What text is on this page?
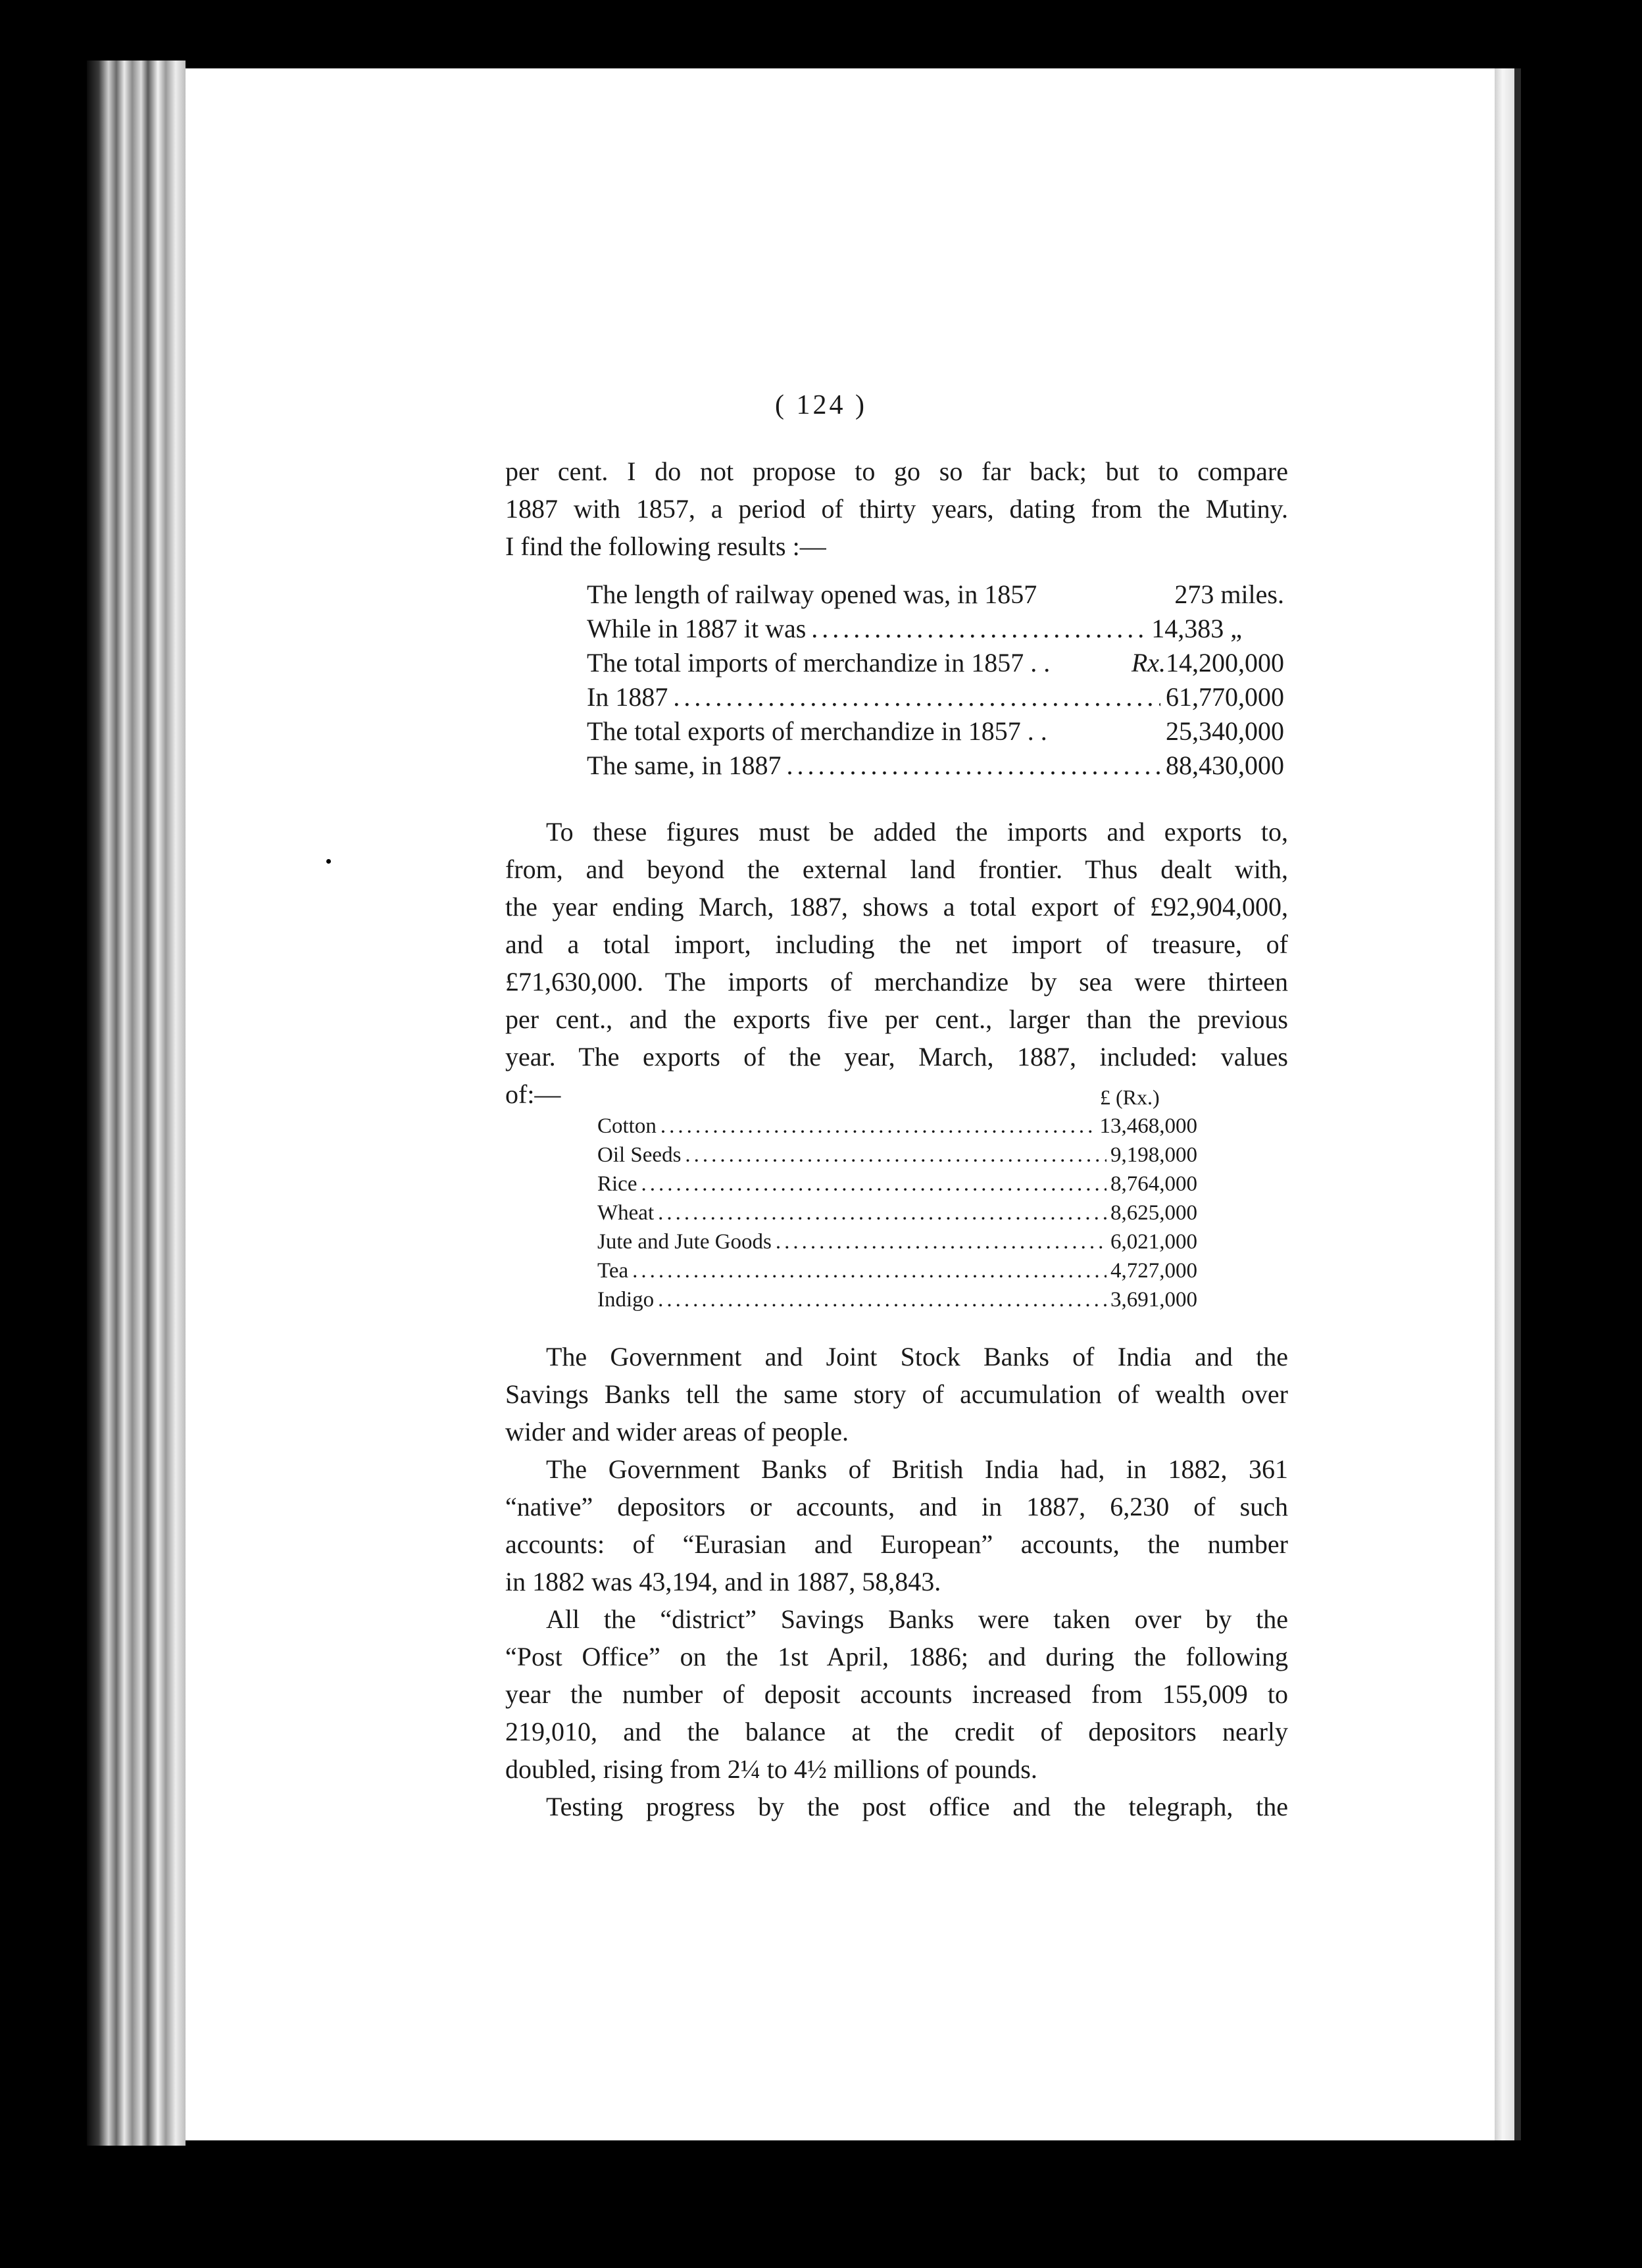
( 124 )
per cent. I do not propose to go so far back; but to compare
1887 with 1857, a period of thirty years, dating from the Mutiny.
I find the following results :—
The length of railway opened was, in 1857	273 miles.
While in 1887 it was .....	14,383 „
The total imports of merchandize in 1857 . .	Rx.14,200,000
In 1887 .....	61,770,000
The total exports of merchandize in 1857 . .	25,340,000
The same, in 1887 .....	88,430,000
To these figures must be added the imports and exports to,
from, and beyond the external land frontier. Thus dealt with,
the year ending March, 1887, shows a total export of £92,904,000,
and a total import, including the net import of treasure, of
£71,630,000. The imports of merchandize by sea were thirteen
per cent., and the exports five per cent., larger than the previous
year. The exports of the year, March, 1887, included: values
of:—	£ (Rx.)
Cotton .....	13,468,000
Oil Seeds .....	9,198,000
Rice .....	8,764,000
Wheat .....	8,625,000
Jute and Jute Goods .....	6,021,000
Tea .....	4,727,000
Indigo .....	3,691,000
The Government and Joint Stock Banks of India and the
Savings Banks tell the same story of accumulation of wealth over
wider and wider areas of people.
The Government Banks of British India had, in 1882, 361
“native” depositors or accounts, and in 1887, 6,230 of such
accounts: of “Eurasian and European” accounts, the number
in 1882 was 43,194, and in 1887, 58,843.
All the “district” Savings Banks were taken over by the
“Post Office” on the 1st April, 1886; and during the following
year the number of deposit accounts increased from 155,009 to
219,010, and the balance at the credit of depositors nearly
doubled, rising from 2¼ to 4½ millions of pounds.
Testing progress by the post office and the telegraph, the
